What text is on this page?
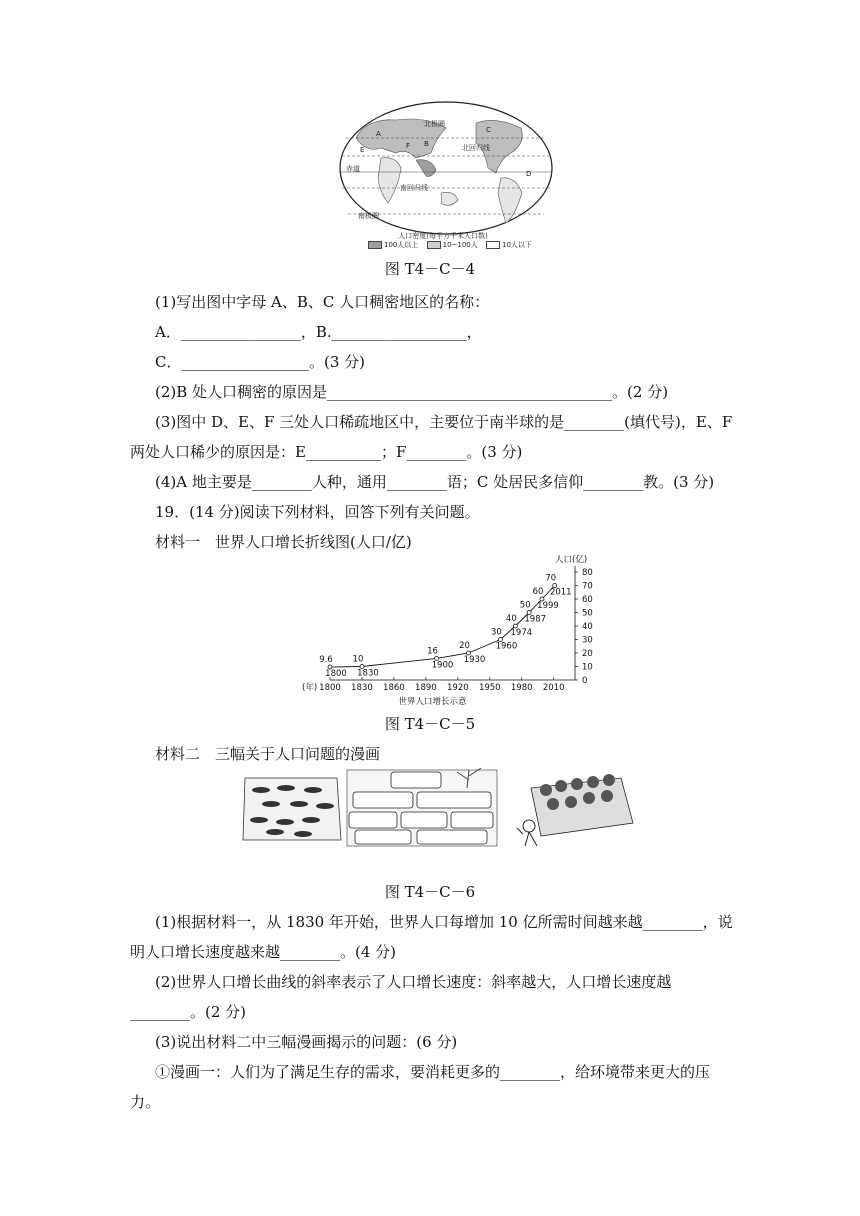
北极圈
北回归线
赤道
南回归线
南极圈
A
B
C
D
E	F
人口密度(每平方千米人口数)
100人以上	10~100人	10人以下
图 T4－C－4
(1)写出图中字母 A、B、C 人口稠密地区的名称：
A．________________，B.__________________，
C．_________________。(3 分)
(2)B 处人口稠密的原因是______________________________________。(2 分)
(3)图中 D、E、F 三处人口稀疏地区中，主要位于南半球的是________(填代号)，E、F
两处人口稀少的原因是：E__________；F________。(3 分)
(4)A 地主要是________人种，通用________语；C 处居民多信仰________教。(3 分)
19．(14 分)阅读下列材料，回答下列有关问题。
材料一　世界人口增长折线图(人口/亿)
0
10
20
30
40
50
60
70
80
人口(亿)
1800 1830 1860 1890 1920 1950 1980 2010
(年)
世界人口增长示意
9.6
1800
10
1830
16
1900
20
1930
30
1960
40
1974
50
1987
60
1999
70
2011
图 T4－C－5
材料二　三幅关于人口问题的漫画
图 T4－C－6
(1)根据材料一，从 1830 年开始，世界人口每增加 10 亿所需时间越来越________，说
明人口增长速度越来越________。(4 分)
(2)世界人口增长曲线的斜率表示了人口增长速度：斜率越大，人口增长速度越
________。(2 分)
(3)说出材料二中三幅漫画揭示的问题：(6 分)
①漫画一：人们为了满足生存的需求，要消耗更多的________，给环境带来更大的压
力。
